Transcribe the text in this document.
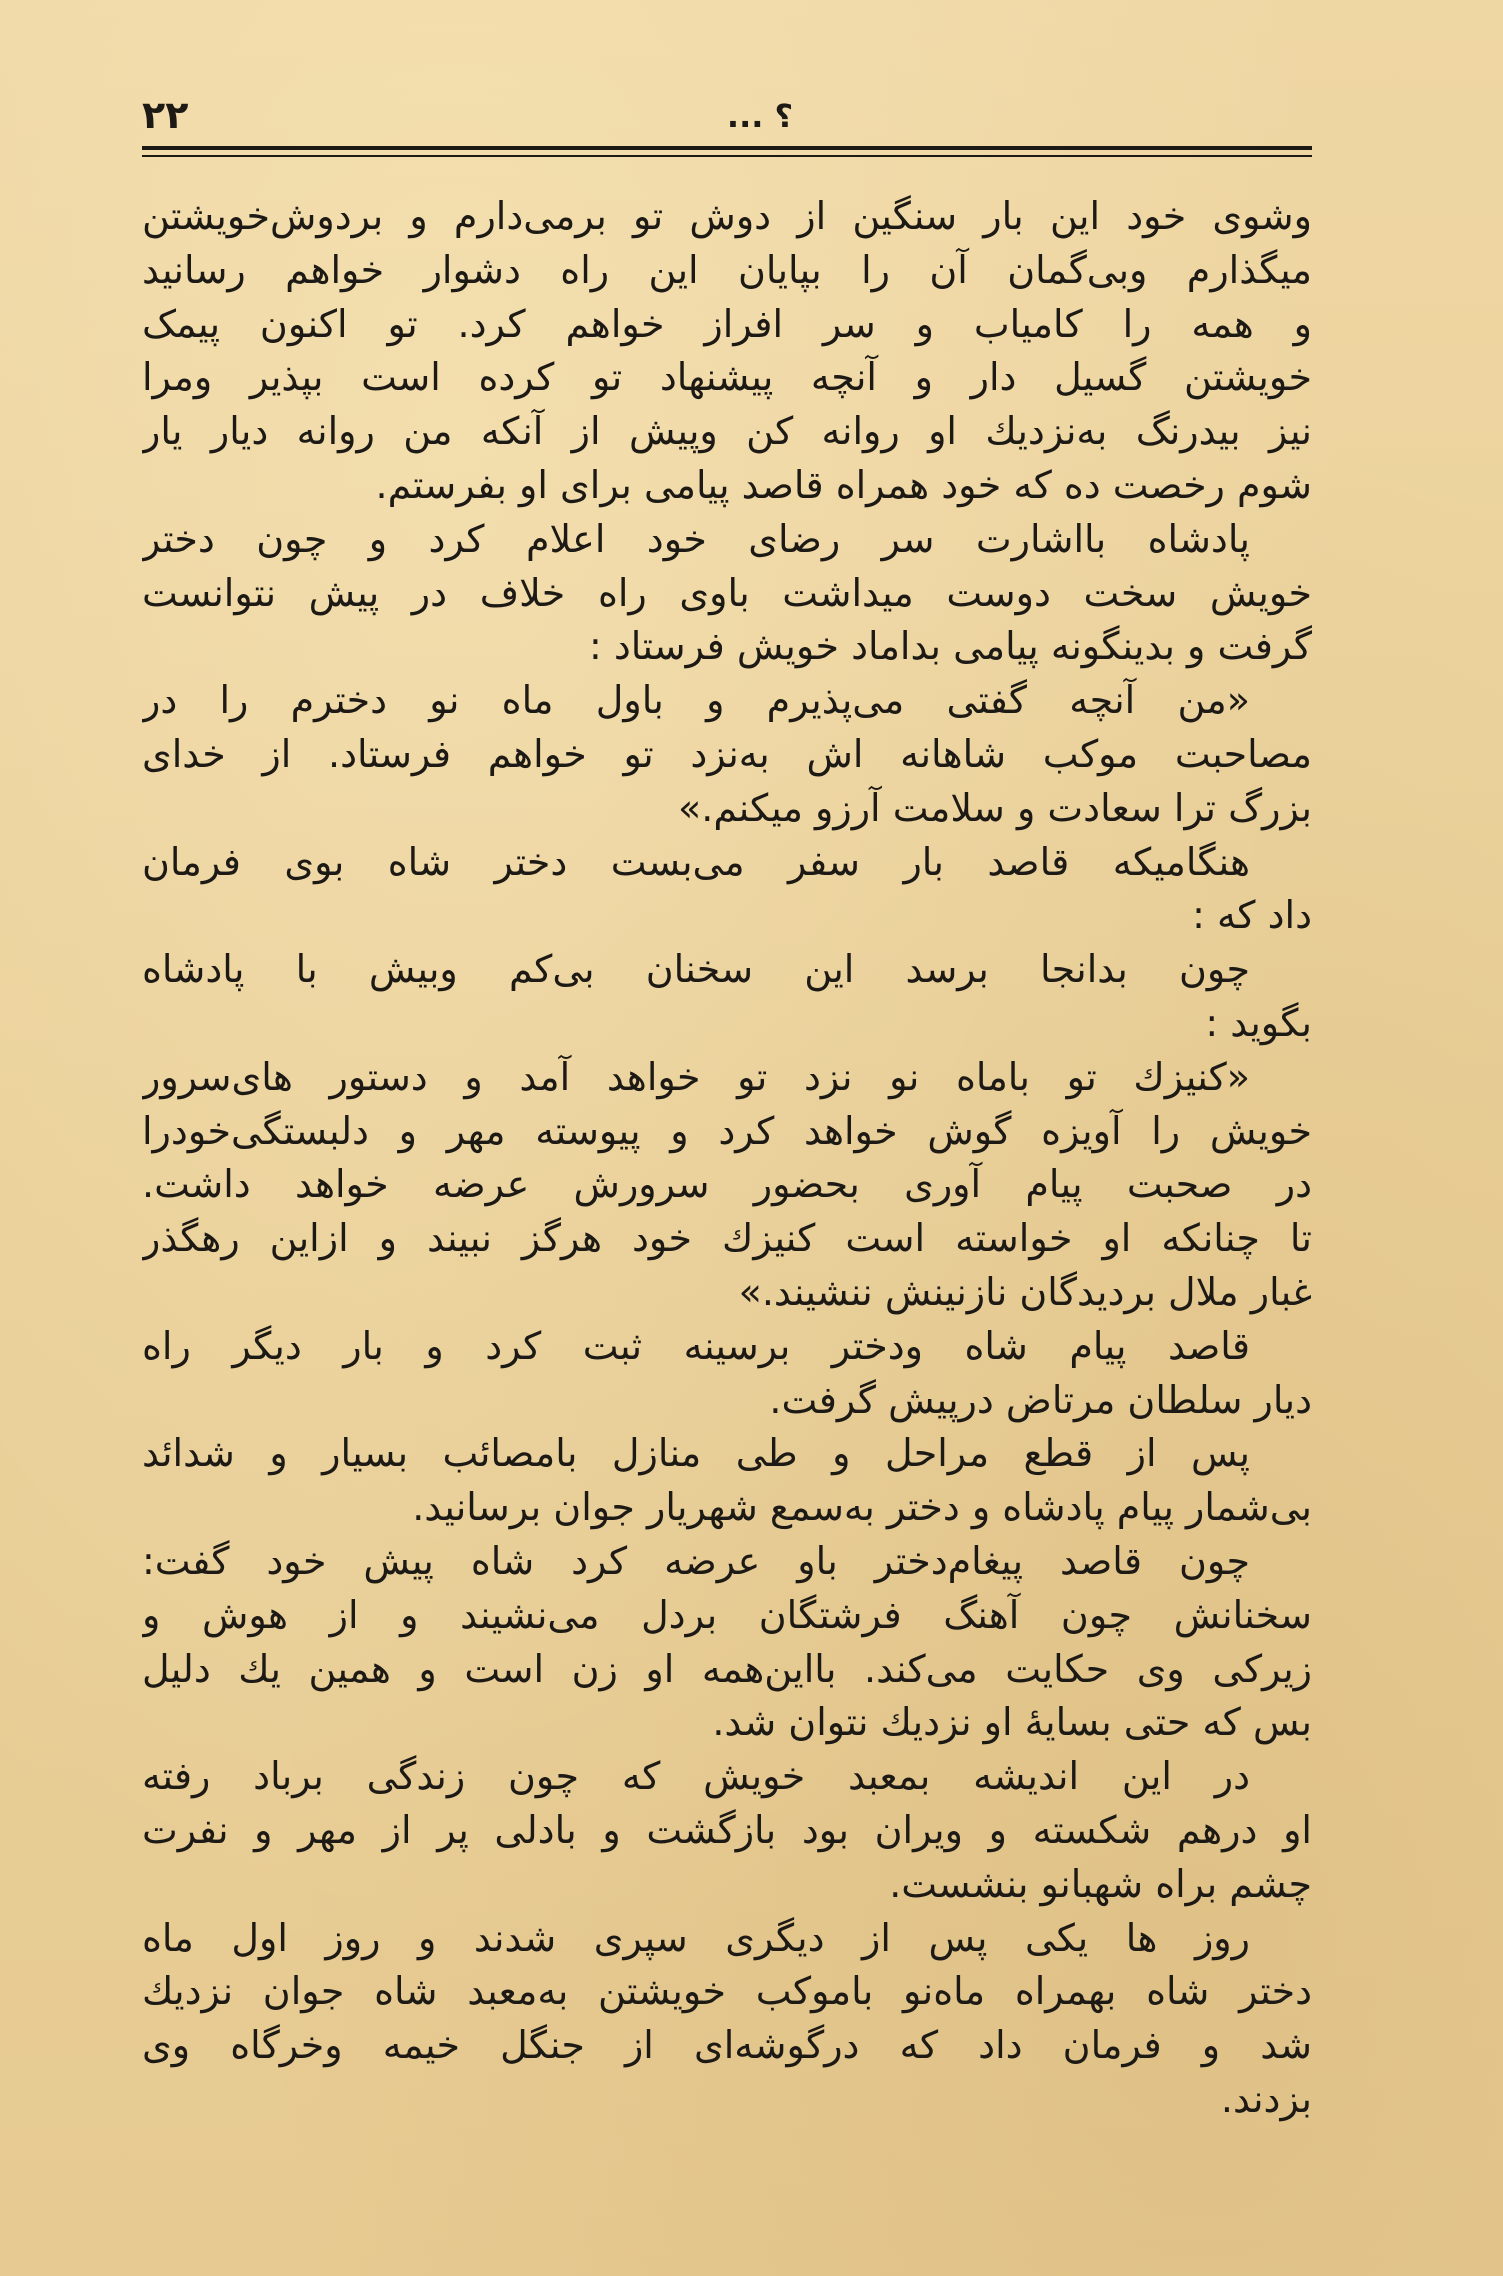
۲۲	؟ ...
وشوی خود این بار سنگین از دوش تو برمی‌دارم و بردوش‌خویشتن
میگذارم وبی‌گمان آن را بپایان این راه دشوار خواهم رسانید
و همه را کامیاب و سر افراز خواهم کرد. تو اکنون پیمک
خویشتن گسیل دار و آنچه پیشنهاد تو کرده است بپذیر ومرا
نیز بیدرنگ به‌نزدیك او روانه کن وپیش از آنکه من روانه دیار یار
شوم رخصت ده که خود همراه قاصد پیامی برای او بفرستم.
پادشاه بااشارت سر رضای خود اعلام کرد و چون دختر
خویش سخت دوست میداشت باوی راه خلاف در پیش نتوانست
گرفت و بدینگونه پیامی بداماد خویش فرستاد :
«من آنچه گفتی می‌پذیرم و باول ماه نو دخترم را در
مصاحبت موکب شاهانه اش به‌نزد تو خواهم فرستاد. از خدای
بزرگ ترا سعادت و سلامت آرزو میکنم.»
هنگامیکه قاصد بار سفر می‌بست دختر شاه بوی فرمان
داد که :
چون بدانجا برسد این سخنان بی‌کم وبیش با پادشاه
بگوید :
«کنیزك تو باماه نو نزد تو خواهد آمد و دستور های‌سرور
خویش را آویزه گوش خواهد کرد و پیوسته مهر و دلبستگی‌خودرا
در صحبت پیام آوری بحضور سرورش عرضه خواهد داشت.
تا چنانکه او خواسته است کنیزك خود هرگز نبیند و ازاین رهگذر
غبار ملال بردیدگان نازنینش ننشیند.»
قاصد پیام شاه ودختر برسینه ثبت کرد و بار دیگر راه
دیار سلطان مرتاض درپیش گرفت.
پس از قطع مراحل و طی منازل بامصائب بسیار و شدائد
بی‌شمار پیام پادشاه و دختر به‌سمع شهریار جوان برسانید.
چون قاصد پیغام‌دختر باو عرضه کرد شاه پیش خود گفت:
سخنانش چون آهنگ فرشتگان بردل می‌نشیند و از هوش و
زیرکی وی حکایت می‌کند. بااین‌همه او زن است و همین يك دلیل
بس که حتی بسایهٔ او نزدیك نتوان شد.
در این اندیشه بمعبد خویش که چون زندگی برباد رفته
او درهم شکسته و ویران بود بازگشت و بادلی پر از مهر و نفرت
چشم براه شهبانو بنشست.
روز ها یکی پس از دیگری سپری شدند و روز اول ماه
دختر شاه بهمراه ماه‌نو باموکب خویشتن به‌معبد شاه جوان نزدیك
شد و فرمان داد که درگوشه‌ای از جنگل خیمه وخرگاه وی
بزدند.
